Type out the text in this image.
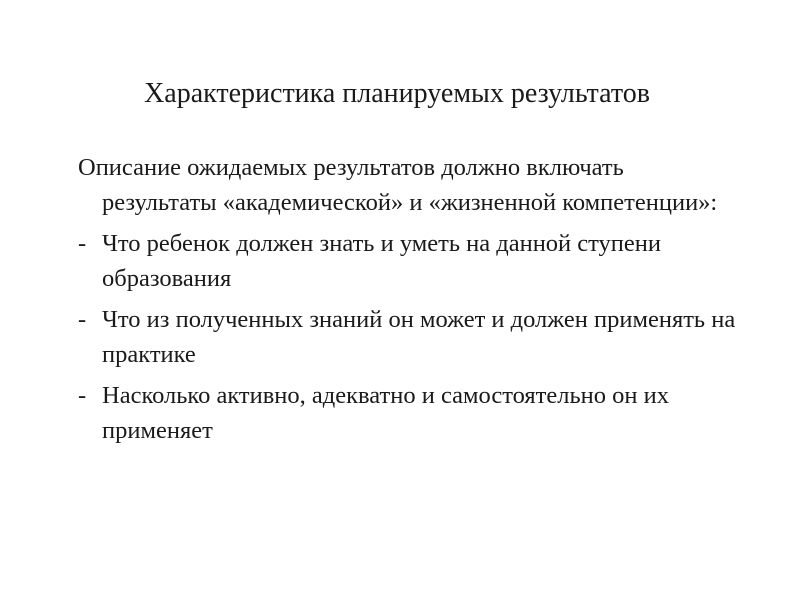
Характеристика планируемых результатов

Описание ожидаемых результатов должно включать результаты «академической» и «жизненной компетенции»:

- Что ребенок должен знать и уметь на данной ступени образования
- Что из полученных знаний он может и должен применять на практике
- Насколько активно, адекватно и самостоятельно он их применяет
